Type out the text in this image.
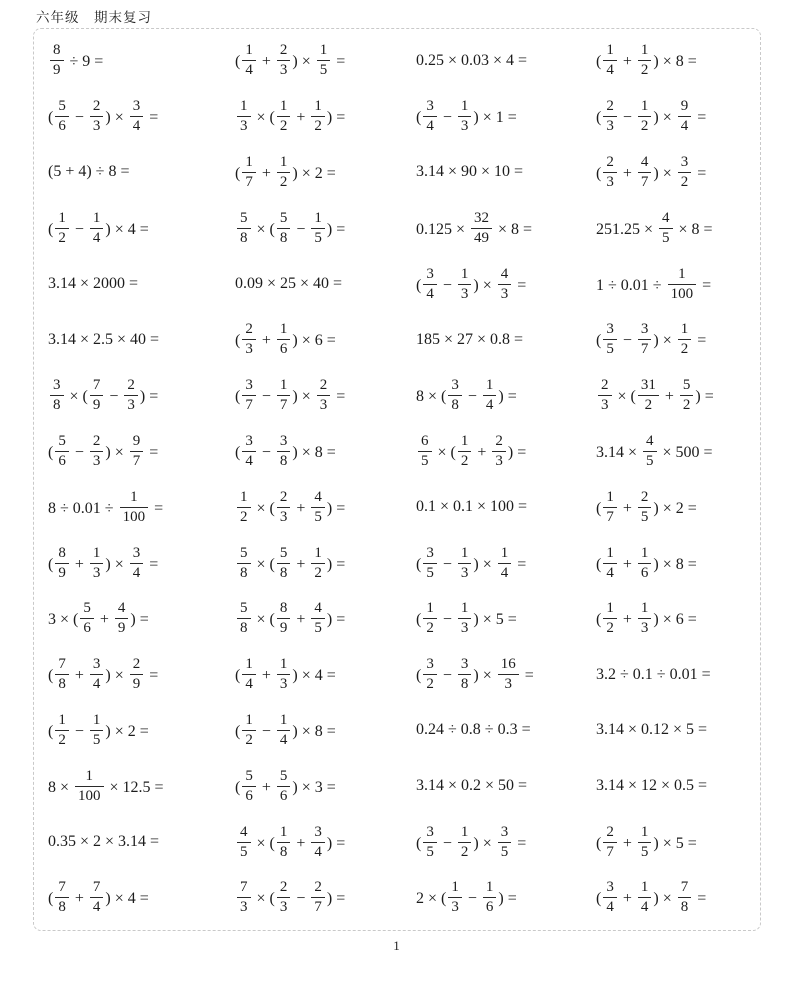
六年级　期末复习
$\frac{8}{9} \div 9$ =	( $\frac{1}{4} + \frac{2}{3}$ ) × $\frac{1}{5}$ =	0.25 × 0.03 × 4 =	( $\frac{1}{4} + \frac{1}{2}$ ) × 8 =
( $\frac{5}{6} - \frac{2}{3}$ ) × $\frac{3}{4}$ =	$\frac{1}{3}$ × ( $\frac{1}{2} + \frac{1}{2}$ ) =	( $\frac{3}{4} - \frac{1}{3}$ ) × 1 =	( $\frac{2}{3} - \frac{1}{2}$ ) × $\frac{9}{4}$ =
(5 + 4) ÷ 8 =	( $\frac{1}{7} + \frac{1}{2}$ ) × 2 =	3.14 × 90 × 10 =	( $\frac{2}{3} + \frac{4}{7}$ ) × $\frac{3}{2}$ =
( $\frac{1}{2} - \frac{1}{4}$ ) × 4 =	$\frac{5}{8}$ × ( $\frac{5}{8} - \frac{1}{5}$ ) =	$0.125 \times \frac{32}{49} \times 8$ =	$251.25 \times \frac{4}{5} \times 8$ =
3.14 × 2000 =	0.09 × 25 × 40 =	( $\frac{3}{4} - \frac{1}{3}$ ) × $\frac{4}{3}$ =	$1 \div 0.01 \div \frac{1}{100}$ =
3.14 × 2.5 × 40 =	( $\frac{2}{3} + \frac{1}{6}$ ) × 6 =	185 × 27 × 0.8 =	( $\frac{3}{5} - \frac{3}{7}$ ) × $\frac{1}{2}$ =
$\frac{3}{8}$ × ( $\frac{7}{9} - \frac{2}{3}$ ) =	( $\frac{3}{7} - \frac{1}{7}$ ) × $\frac{2}{3}$ =	8 × ( $\frac{3}{8} - \frac{1}{4}$ ) =	$\frac{2}{3}$ × ( $\frac{31}{2} + \frac{5}{2}$ ) =
( $\frac{5}{6} - \frac{2}{3}$ ) × $\frac{9}{7}$ =	( $\frac{3}{4} - \frac{3}{8}$ ) × 8 =	$\frac{6}{5}$ × ( $\frac{1}{2} + \frac{2}{3}$ ) =	$3.14 \times \frac{4}{5} \times 500$ =
$8 \div 0.01 \div \frac{1}{100}$ =	$\frac{1}{2}$ × ( $\frac{2}{3} + \frac{4}{5}$ ) =	0.1 × 0.1 × 100 =	( $\frac{1}{7} + \frac{2}{5}$ ) × 2 =
( $\frac{8}{9} + \frac{1}{3}$ ) × $\frac{3}{4}$ =	$\frac{5}{8}$ × ( $\frac{5}{8} + \frac{1}{2}$ ) =	( $\frac{3}{5} - \frac{1}{3}$ ) × $\frac{1}{4}$ =	( $\frac{1}{4} + \frac{1}{6}$ ) × 8 =
3 × ( $\frac{5}{6} + \frac{4}{9}$ ) =	$\frac{5}{8}$ × ( $\frac{8}{9} + \frac{4}{5}$ ) =	( $\frac{1}{2} - \frac{1}{3}$ ) × 5 =	( $\frac{1}{2} + \frac{1}{3}$ ) × 6 =
( $\frac{7}{8} + \frac{3}{4}$ ) × $\frac{2}{9}$ =	( $\frac{1}{4} + \frac{1}{3}$ ) × 4 =	( $\frac{3}{2} - \frac{3}{8}$ ) × $\frac{16}{3}$ =	3.2 ÷ 0.1 ÷ 0.01 =
( $\frac{1}{2} - \frac{1}{5}$ ) × 2 =	( $\frac{1}{2} - \frac{1}{4}$ ) × 8 =	0.24 ÷ 0.8 ÷ 0.3 =	3.14 × 0.12 × 5 =
$8 \times \frac{1}{100} \times 12.5$ =	( $\frac{5}{6} + \frac{5}{6}$ ) × 3 =	3.14 × 0.2 × 50 =	3.14 × 12 × 0.5 =
0.35 × 2 × 3.14 =	$\frac{4}{5}$ × ( $\frac{1}{8} + \frac{3}{4}$ ) =	( $\frac{3}{5} - \frac{1}{2}$ ) × $\frac{3}{5}$ =	( $\frac{2}{7} + \frac{1}{5}$ ) × 5 =
( $\frac{7}{8} + \frac{7}{4}$ ) × 4 =	$\frac{7}{3}$ × ( $\frac{2}{3} - \frac{2}{7}$ ) =	2 × ( $\frac{1}{3} - \frac{1}{6}$ ) =	( $\frac{3}{4} + \frac{1}{4}$ ) × $\frac{7}{8}$ =
1
